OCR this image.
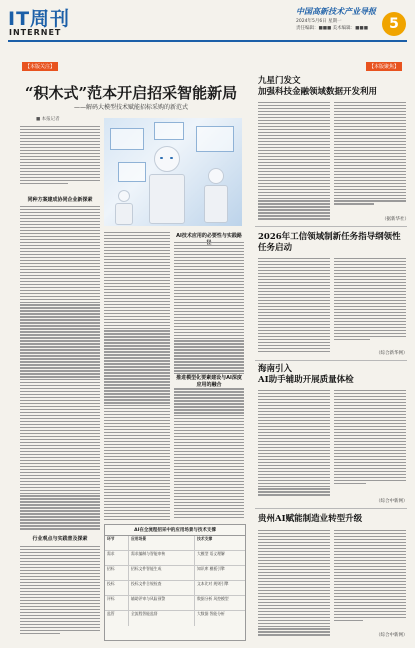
IT周刊
INTERNET
中国高新技术产业导报
2024年5月6日 星期一
责任编辑：■■■ 美术编辑：■■■	5
【本版关注】
“积木式”范本开启招采智能新局
——解码大模型技术赋能招标采购的新范式
■ 本报记者
同种方案建成协同企业新探索
行业观点与实践普及探索
AI技术应用的必要性与实践路
AI在全流程招采中的应用场景与技术支撑
环节	应用场景	技术支撑
需求	需求编制与智能审核	大模型 语义理解
招标	招标文件智能生成	知识库 模板引擎
投标	投标文件合规检查	文本比对 规则引擎
评标	辅助评审与风险预警	数据分析 风控模型
监管	全流程智能监督	大数据 智能分析
【本版聚焦】
九星门发文
加强科技金融领域数据开发利用
（据新华社）
2026年工信领域制新任务指导纲领性任务启动
（综合新华网）
海南引入
AI助手辅助开展质量体检
（综合中新网）
贵州AI赋能制造业转型升级
（综合中新网）
推进模型化要素建设与AI深度应用的融合
